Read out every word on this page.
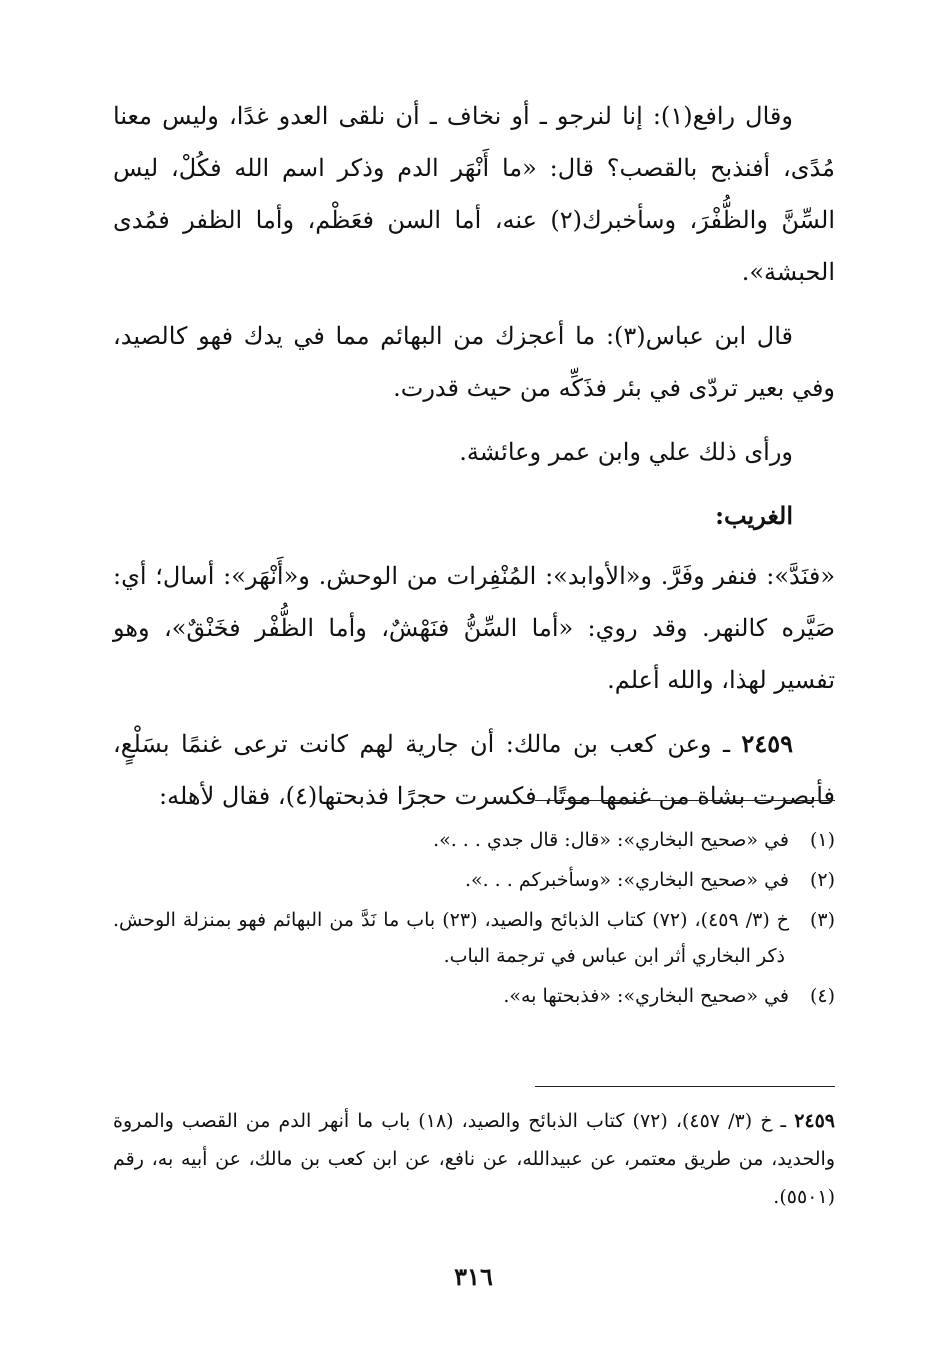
وقال رافع(١): إنا لنرجو ـ أو نخاف ـ أن نلقى العدو غدًا، وليس معنا مُدًى، أفنذبح بالقصب؟ قال: «ما أَنْهَر الدم وذكر اسم الله فكُلْ، ليس السِّنَّ والظُّفْرَ، وسأخبرك(٢) عنه، أما السن فعَظْم، وأما الظفر فمُدى الحبشة».

قال ابن عباس(٣): ما أعجزك من البهائم مما في يدك فهو كالصيد، وفي بعير تردّى في بئر فذَكِّه من حيث قدرت.

ورأى ذلك علي وابن عمر وعائشة.

الغريب:

«فنَدَّ»: فنفر وفَرَّ. و«الأوابد»: المُنْفِرات من الوحش. و«أَنْهَر»: أسال؛ أي: صَيَّره كالنهر. وقد روي: «أما السِّنُّ فنَهْشٌ، وأما الظُّفْر فخَنْقٌ»، وهو تفسير لهذا، والله أعلم.

٢٤٥٩ ـ وعن كعب بن مالك: أن جارية لهم كانت ترعى غنمًا بسَلْعٍ، فأبصرت بشاة من غنمها موتًا، فكسرت حجرًا فذبحتها(٤)، فقال لأهله:

(١)في «صحيح البخاري»: «قال: قال جدي . . .».

(٢)في «صحيح البخاري»: «وسأخبركم . . .».

(٣)خ (٣/ ٤٥٩)، (٧٢) كتاب الذبائح والصيد، (٢٣) باب ما نَدَّ من البهائم فهو بمنزلة الوحش. ذكر البخاري أثر ابن عباس في ترجمة الباب.

(٤)في «صحيح البخاري»: «فذبحتها به».

٢٤٥٩ ـ خ (٣/ ٤٥٧)، (٧٢) كتاب الذبائح والصيد، (١٨) باب ما أنهر الدم من القصب والمروة والحديد، من طريق معتمر، عن عبيدالله، عن نافع، عن ابن كعب بن مالك، عن أبيه به، رقم (٥٥٠١).

٣١٦
